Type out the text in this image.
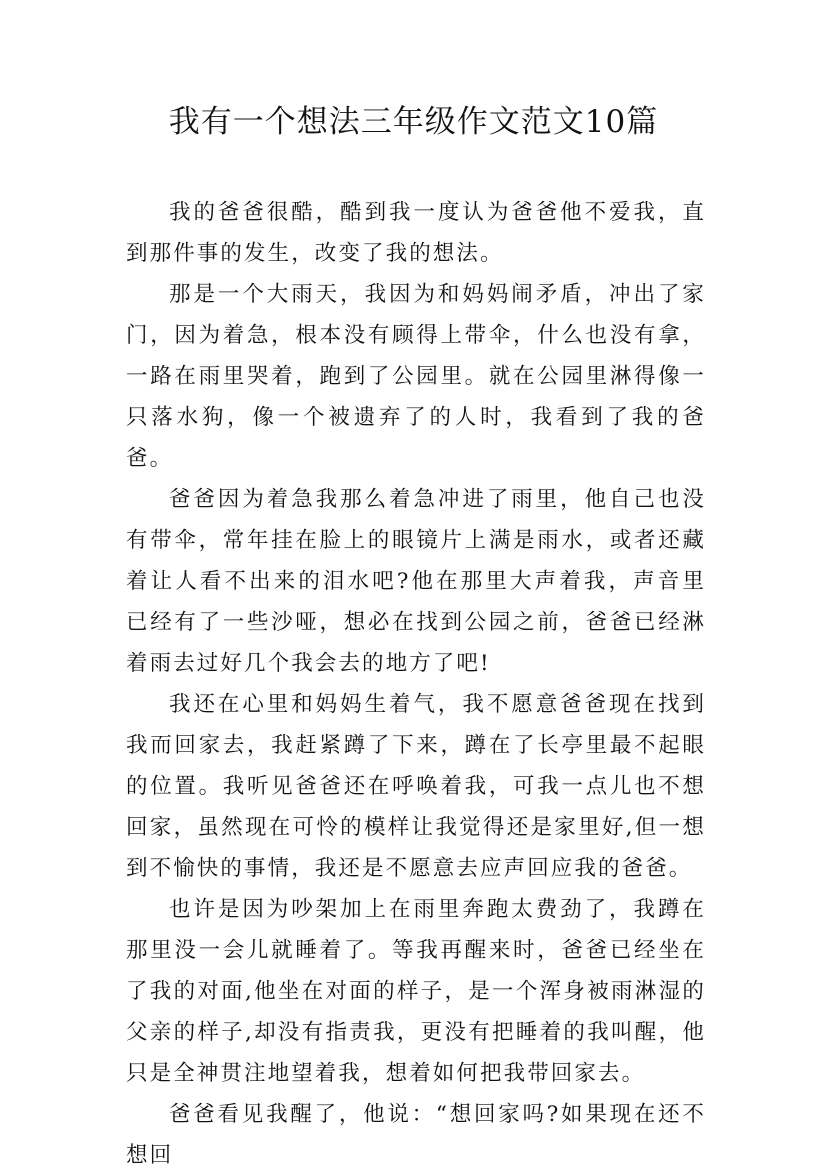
我有一个想法三年级作文范文10篇

我的爸爸很酷，酷到我一度认为爸爸他不爱我，直到那件事的发生，改变了我的想法。

那是一个大雨天，我因为和妈妈闹矛盾，冲出了家门，因为着急，根本没有顾得上带伞，什么也没有拿，一路在雨里哭着，跑到了公园里。就在公园里淋得像一只落水狗，像一个被遗弃了的人时，我看到了我的爸爸。

爸爸因为着急我那么着急冲进了雨里，他自己也没有带伞，常年挂在脸上的眼镜片上满是雨水，或者还藏着让人看不出来的泪水吧?他在那里大声着我，声音里已经有了一些沙哑，想必在找到公园之前，爸爸已经淋着雨去过好几个我会去的地方了吧!

我还在心里和妈妈生着气，我不愿意爸爸现在找到我而回家去，我赶紧蹲了下来，蹲在了长亭里最不起眼的位置。我听见爸爸还在呼唤着我，可我一点儿也不想回家，虽然现在可怜的模样让我觉得还是家里好,但一想到不愉快的事情，我还是不愿意去应声回应我的爸爸。

也许是因为吵架加上在雨里奔跑太费劲了，我蹲在那里没一会儿就睡着了。等我再醒来时，爸爸已经坐在了我的对面,他坐在对面的样子，是一个浑身被雨淋湿的父亲的样子,却没有指责我，更没有把睡着的我叫醒，他只是全神贯注地望着我，想着如何把我带回家去。

爸爸看见我醒了，他说：“想回家吗?如果现在还不想回
